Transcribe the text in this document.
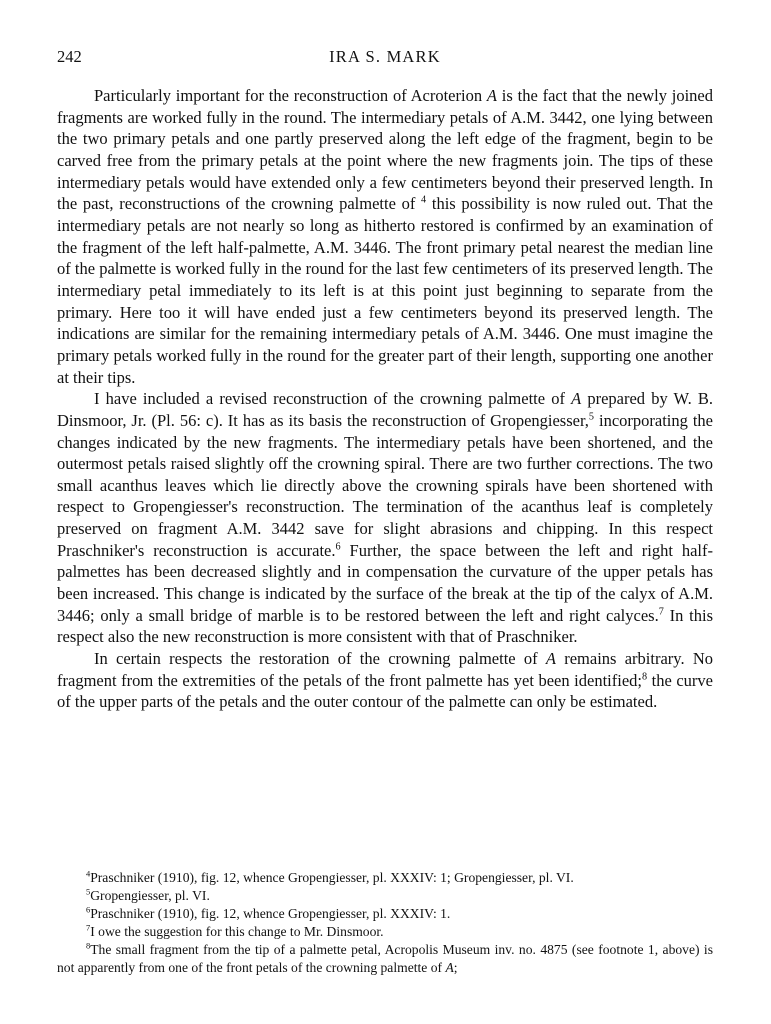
242	IRA S. MARK

Particularly important for the reconstruction of Acroterion A is the fact that the newly joined fragments are worked fully in the round. The intermediary petals of A.M. 3442, one lying between the two primary petals and one partly preserved along the left edge of the fragment, begin to be carved free from the primary petals at the point where the new fragments join. The tips of these intermediary petals would have extended only a few centimeters beyond their preserved length. In the past, reconstructions of the crowning palmette of $^4$ this possibility is now ruled out. That the intermediary petals are not nearly so long as hitherto restored is confirmed by an examination of the fragment of the left half-palmette, A.M. 3446. The front primary petal nearest the median line of the palmette is worked fully in the round for the last few centimeters of its preserved length. The intermediary petal immediately to its left is at this point just beginning to separate from the primary. Here too it will have ended just a few centimeters beyond its preserved length. The indications are similar for the remaining intermediary petals of A.M. 3446. One must imagine the primary petals worked fully in the round for the greater part of their length, supporting one another at their tips.

I have included a revised reconstruction of the crowning palmette of A prepared by W. B. Dinsmoor, Jr. (Pl. 56: c). It has as its basis the reconstruction of Gropengiesser,$^5$ incorporating the changes indicated by the new fragments. The intermediary petals have been shortened, and the outermost petals raised slightly off the crowning spiral. There are two further corrections. The two small acanthus leaves which lie directly above the crowning spirals have been shortened with respect to Gropengiesser's reconstruction. The termination of the acanthus leaf is completely preserved on fragment A.M. 3442 save for slight abrasions and chipping. In this respect Praschniker's reconstruction is accurate.$^6$ Further, the space between the left and right half-palmettes has been decreased slightly and in compensation the curvature of the upper petals has been increased. This change is indicated by the surface of the break at the tip of the calyx of A.M. 3446; only a small bridge of marble is to be restored between the left and right calyces.$^7$ In this respect also the new reconstruction is more consistent with that of Praschniker.

In certain respects the restoration of the crowning palmette of A remains arbitrary. No fragment from the extremities of the petals of the front palmette has yet been identified;$^8$ the curve of the upper parts of the petals and the outer contour of the palmette can only be estimated.

$^4$Praschniker (1910), fig. 12, whence Gropengiesser, pl. XXXIV: 1; Gropengiesser, pl. VI.

$^5$Gropengiesser, pl. VI.

$^6$Praschniker (1910), fig. 12, whence Gropengiesser, pl. XXXIV: 1.

$^7$I owe the suggestion for this change to Mr. Dinsmoor.

$^8$The small fragment from the tip of a palmette petal, Acropolis Museum inv. no. 4875 (see footnote 1, above) is not apparently from one of the front petals of the crowning palmette of A;
